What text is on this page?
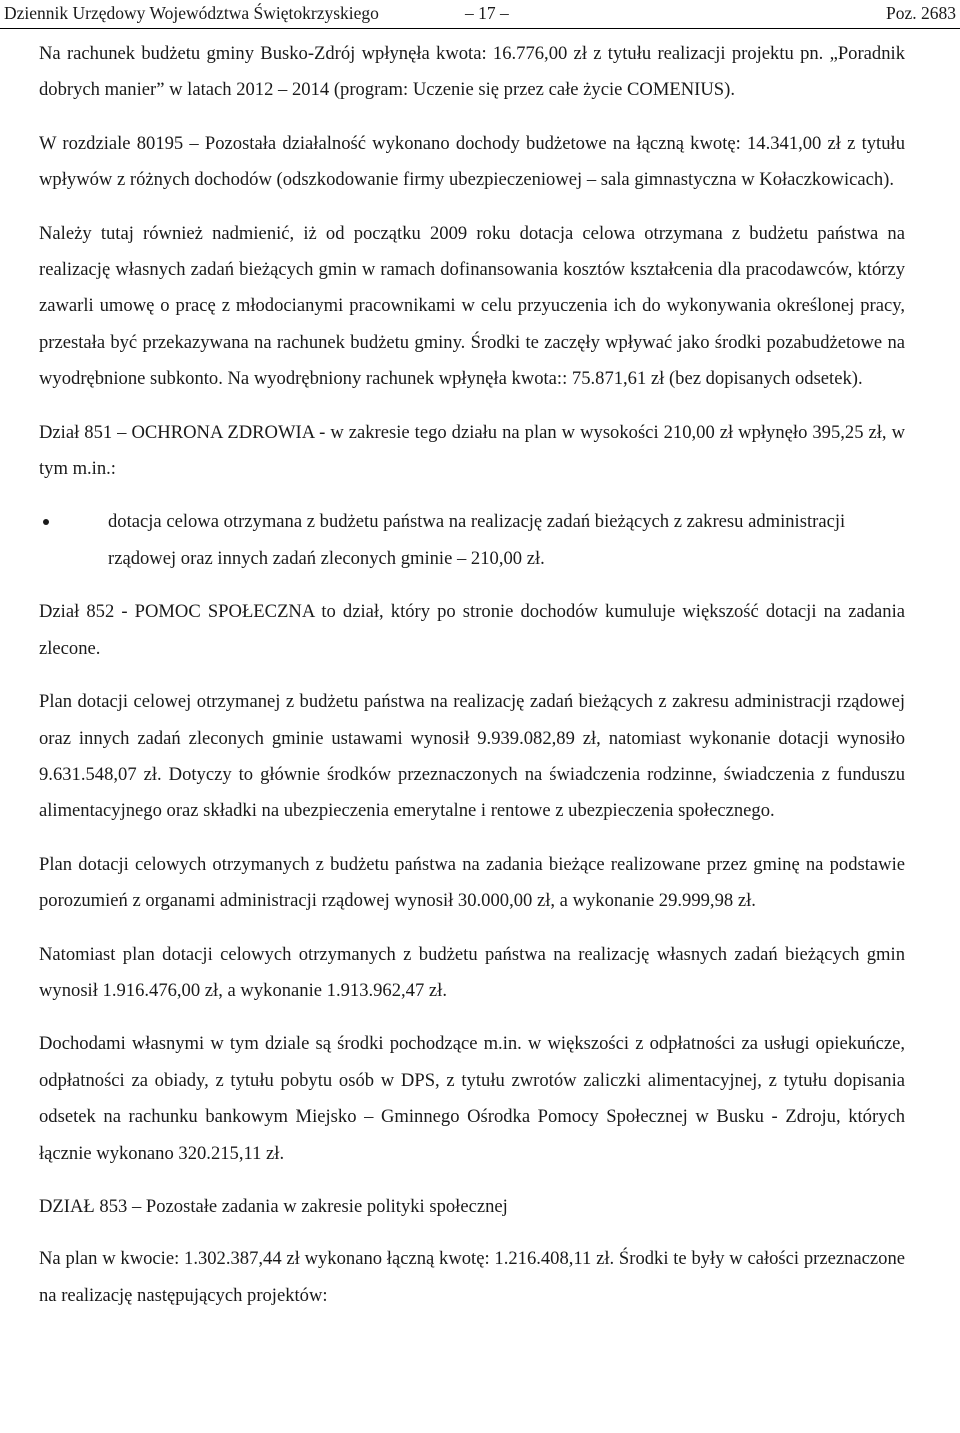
Dziennik Urzędowy Województwa Świętokrzyskiego	– 17 –	Poz. 2683

Na rachunek budżetu gminy Busko-Zdrój wpłynęła kwota: 16.776,00 zł z tytułu realizacji projektu pn. „Poradnik dobrych manier” w latach 2012 – 2014 (program: Uczenie się przez całe życie COMENIUS).

W rozdziale 80195 – Pozostała działalność wykonano dochody budżetowe na łączną kwotę: 14.341,00 zł z tytułu wpływów z różnych dochodów (odszkodowanie firmy ubezpieczeniowej – sala gimnastyczna w Kołaczkowicach).

Należy tutaj również nadmienić, iż od początku 2009 roku dotacja celowa otrzymana z budżetu państwa na realizację własnych zadań bieżących gmin w ramach dofinansowania kosztów kształcenia dla pracodawców, którzy zawarli umowę o pracę z młodocianymi pracownikami w celu przyuczenia ich do wykonywania określonej pracy, przestała być przekazywana na rachunek budżetu gminy. Środki te zaczęły wpływać jako środki pozabudżetowe na wyodrębnione subkonto. Na wyodrębniony rachunek wpłynęła kwota:: 75.871,61 zł (bez dopisanych odsetek).

Dział 851 – OCHRONA ZDROWIA - w zakresie tego działu na plan w wysokości 210,00 zł wpłynęło 395,25 zł, w tym m.in.:

dotacja celowa otrzymana z budżetu państwa na realizację zadań bieżących z zakresu administracji rządowej oraz innych zadań zleconych gminie – 210,00 zł.

Dział 852 - POMOC SPOŁECZNA to dział, który po stronie dochodów kumuluje większość dotacji na zadania zlecone.

Plan dotacji celowej otrzymanej z budżetu państwa na realizację zadań bieżących z zakresu administracji rządowej oraz innych zadań zleconych gminie ustawami wynosił 9.939.082,89 zł, natomiast wykonanie dotacji wynosiło 9.631.548,07 zł. Dotyczy to głównie środków przeznaczonych na świadczenia rodzinne, świadczenia z funduszu alimentacyjnego oraz składki na ubezpieczenia emerytalne i rentowe z ubezpieczenia społecznego.

Plan dotacji celowych otrzymanych z budżetu państwa na zadania bieżące realizowane przez gminę na podstawie porozumień z organami administracji rządowej wynosił 30.000,00 zł, a wykonanie 29.999,98 zł.

Natomiast plan dotacji celowych otrzymanych z budżetu państwa na realizację własnych zadań bieżących gmin wynosił 1.916.476,00 zł, a wykonanie 1.913.962,47 zł.

Dochodami własnymi w tym dziale są środki pochodzące m.in. w większości z odpłatności za usługi opiekuńcze, odpłatności za obiady, z tytułu pobytu osób w DPS, z tytułu zwrotów zaliczki alimentacyjnej, z tytułu dopisania odsetek na rachunku bankowym Miejsko – Gminnego Ośrodka Pomocy Społecznej w Busku - Zdroju, których łącznie wykonano 320.215,11 zł.

DZIAŁ 853 – Pozostałe zadania w zakresie polityki społecznej

Na plan w kwocie: 1.302.387,44 zł wykonano łączną kwotę: 1.216.408,11 zł. Środki te były w całości przeznaczone na realizację następujących projektów:
